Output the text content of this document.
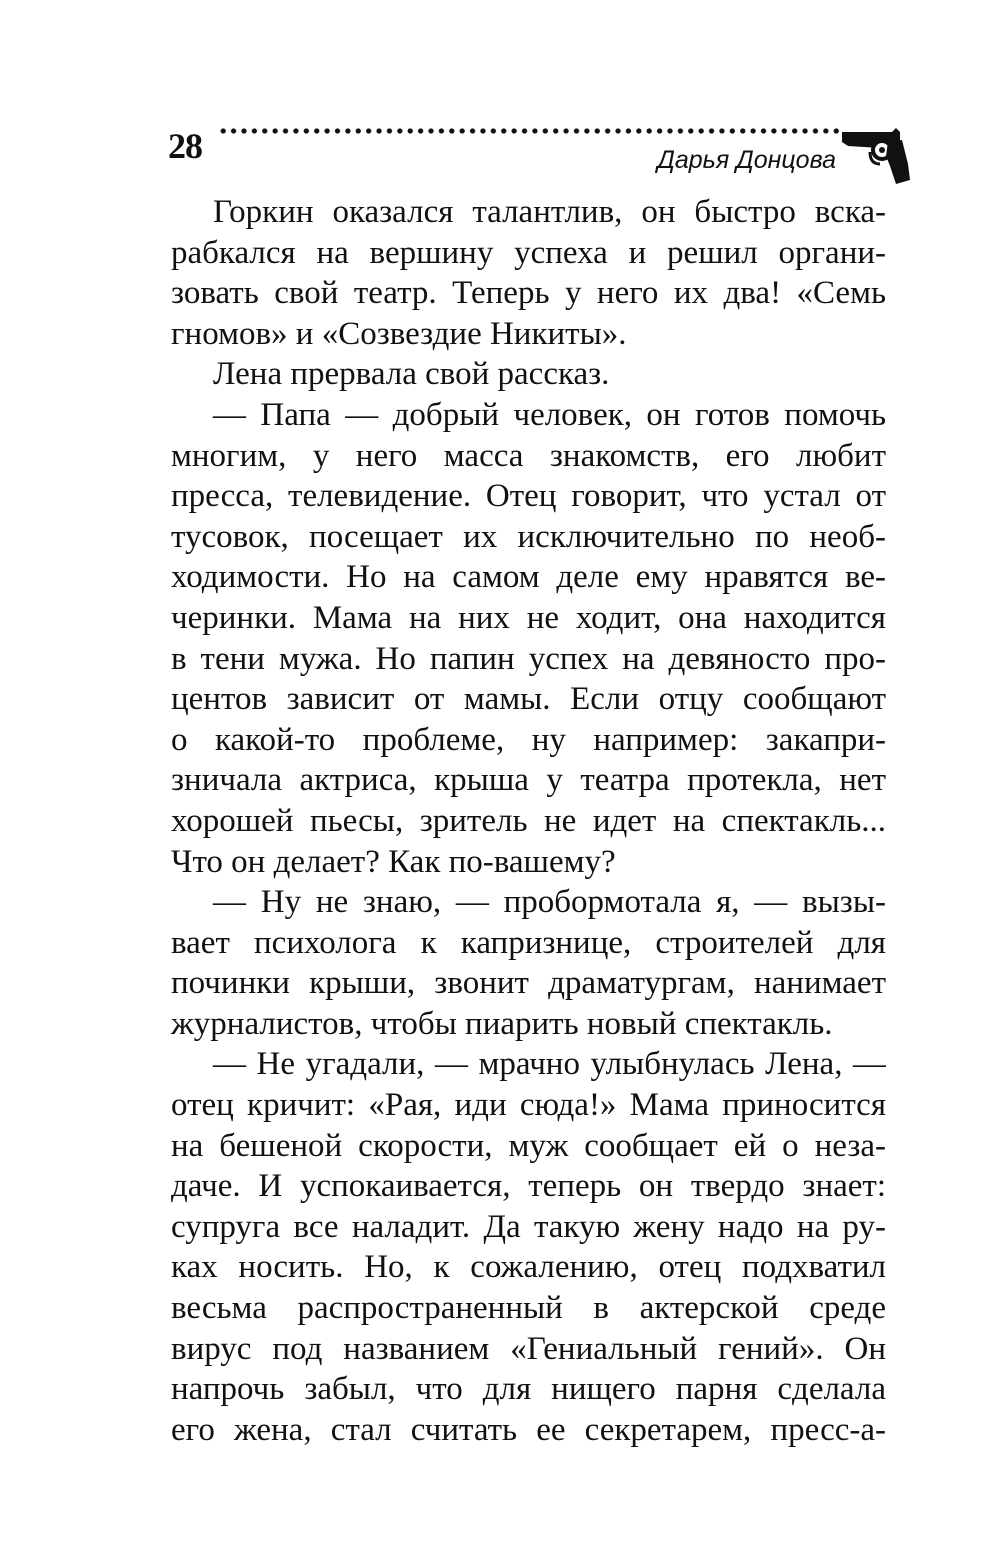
28	Дарья Донцова
Горкин оказался талантлив, он быстро вска-
рабкался на вершину успеха и решил органи-
зовать свой театр. Теперь у него их два! «Семь
гномов» и «Созвездие Никиты».
Лена прервала свой рассказ.
— Папа — добрый человек, он готов помочь
многим, у него масса знакомств, его любит
пресса, телевидение. Отец говорит, что устал от
тусовок, посещает их исключительно по необ-
ходимости. Но на самом деле ему нравятся ве-
черинки. Мама на них не ходит, она находится
в тени мужа. Но папин успех на девяносто про-
центов зависит от мамы. Если отцу сообщают
о какой-то проблеме, ну например: закапри-
зничала актриса, крыша у театра протекла, нет
хорошей пьесы, зритель не идет на спектакль...
Что он делает? Как по-вашему?
— Ну не знаю, — пробормотала я, — вызы-
вает психолога к капризнице, строителей для
починки крыши, звонит драматургам, нанимает
журналистов, чтобы пиарить новый спектакль.
— Не угадали, — мрачно улыбнулась Лена, —
отец кричит: «Рая, иди сюда!» Мама приносится
на бешеной скорости, муж сообщает ей о неза-
даче. И успокаивается, теперь он твердо знает:
супруга все наладит. Да такую жену надо на ру-
ках носить. Но, к сожалению, отец подхватил
весьма распространенный в актерской среде
вирус под названием «Гениальный гений». Он
напрочь забыл, что для нищего парня сделала
его жена, стал считать ее секретарем, пресс-а-
